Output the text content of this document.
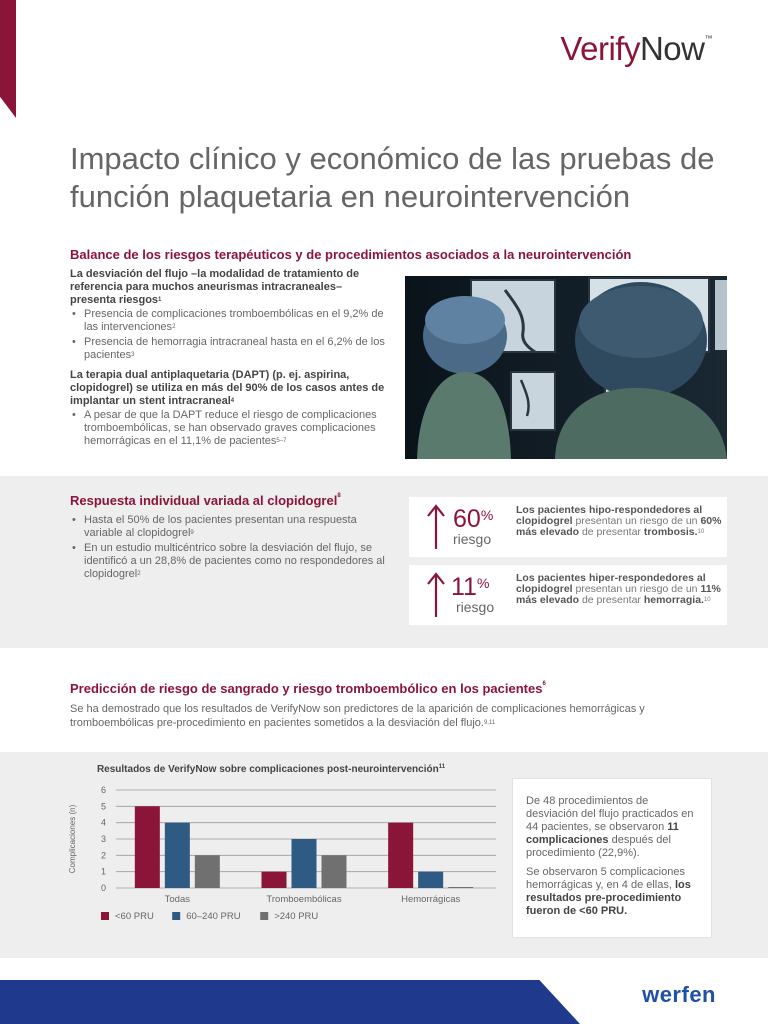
VerifyNow™
Impacto clínico y económico de las pruebas de función plaquetaria en neurointervención
Balance de los riesgos terapéuticos y de procedimientos asociados a la neurointervención
La desviación del flujo –la modalidad de tratamiento de referencia para muchos aneurismas intracraneales– presenta riesgos$^1$
• Presencia de complicaciones tromboembólicas en el 9,2% de las intervenciones$^2$
• Presencia de hemorragia intracraneal hasta en el 6,2% de los pacientes$^3$
La terapia dual antiplaquetaria (DAPT) (p. ej. aspirina, clopidogrel) se utiliza en más del 90% de los casos antes de implantar un stent intracraneal$^4$
• A pesar de que la DAPT reduce el riesgo de complicaciones tromboembólicas, se han observado graves complicaciones hemorrágicas en el 11,1% de pacientes$^{5-7}$
Respuesta individual variada al clopidogrel$^8$
• Hasta el 50% de los pacientes presentan una respuesta variable al clopidogrel$^9$
• En un estudio multicéntrico sobre la desviación del flujo, se identificó a un 28,8% de pacientes como no respondedores al clopidogrel$^2$
60%
riesgo
Los pacientes hipo-respondedores al clopidogrel presentan un riesgo de un 60% más elevado de presentar trombosis.$^{10}$
11%
riesgo
Los pacientes hiper-respondedores al clopidogrel presentan un riesgo de un 11% más elevado de presentar hemorragia.$^{10}$
Predicción de riesgo de sangrado y riesgo tromboembólico en los pacientes$^6$
Se ha demostrado que los resultados de VerifyNow son predictores de la aparición de complicaciones hemorrágicas y tromboembólicas pre-procedimiento en pacientes sometidos a la desviación del flujo.$^{9,11}$
Resultados de VerifyNow sobre complicaciones post-neurointervención$^{11}$
0
1
2
3
4
5
6
Complicaciones (n)
Todas	Tromboembólicas	Hemorrágicas
<60 PRU	60–240 PRU	>240 PRU

De 48 procedimientos de desviación del flujo practicados en 44 pacientes, se observaron 11 complicaciones después del procedimiento (22,9%).

Se observaron 5 complicaciones hemorrágicas y, en 4 de ellas, los resultados pre-procedimiento fueron de <60 PRU.

werfen
